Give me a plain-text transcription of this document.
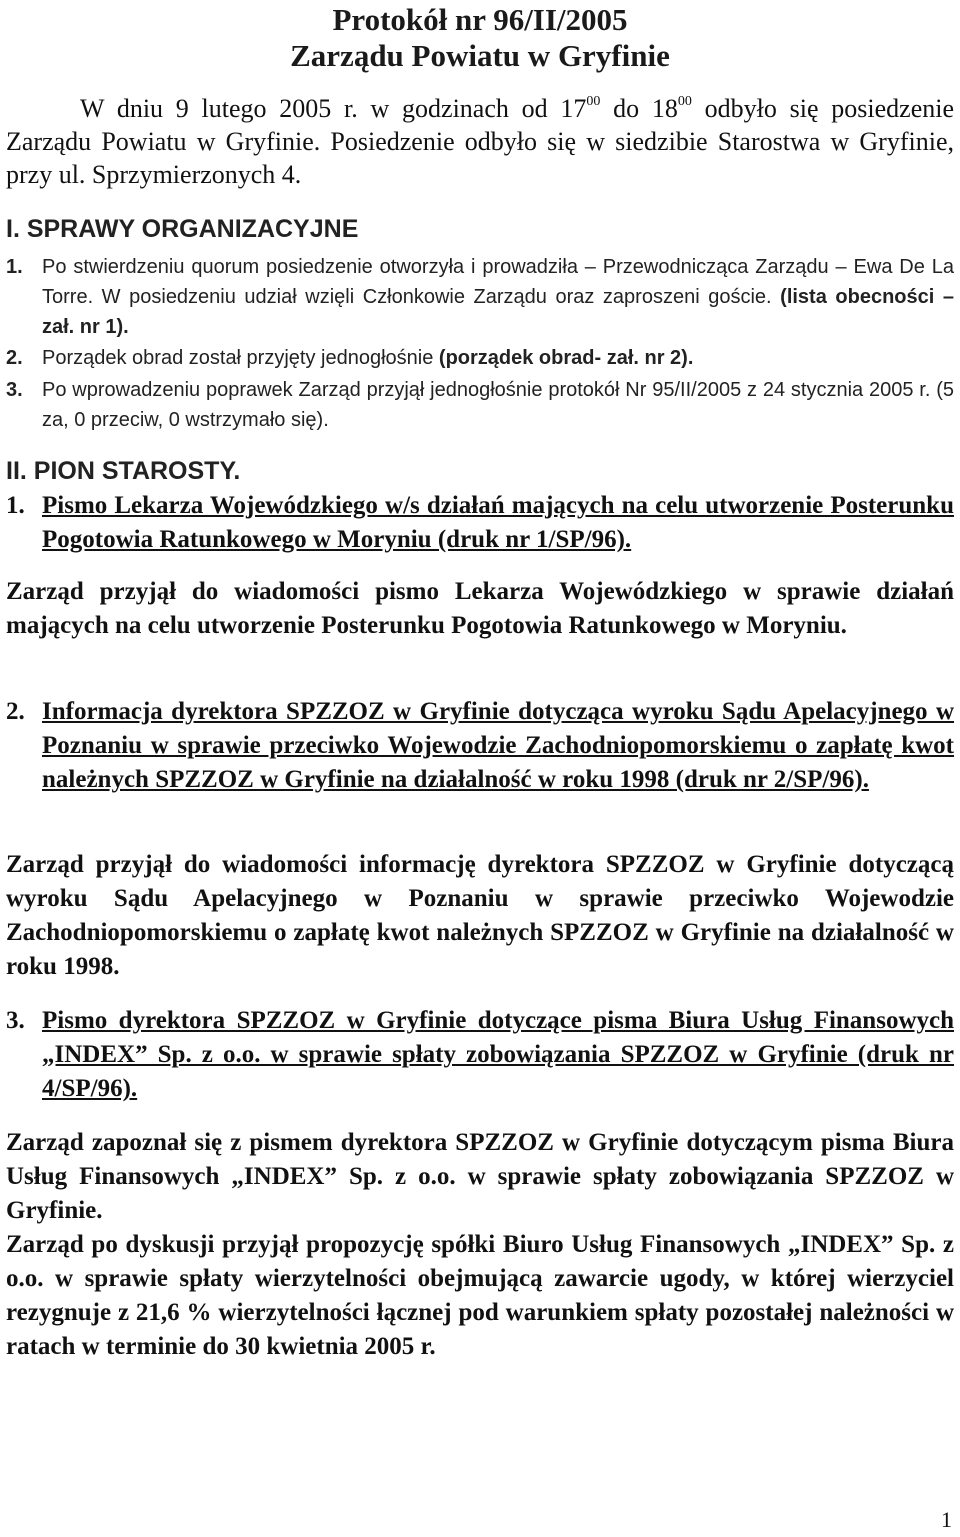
Protokół nr 96/II/2005
Zarządu Powiatu w Gryfinie
W dniu 9 lutego 2005 r. w godzinach od $17^{00}$ do $18^{00}$ odbyło się posiedzenie Zarządu Powiatu w Gryfinie. Posiedzenie odbyło się w siedzibie Starostwa w Gryfinie, przy ul. Sprzymierzonych 4.
I. SPRAWY ORGANIZACYJNE
1. Po stwierdzeniu quorum posiedzenie otworzyła i prowadziła – Przewodnicząca Zarządu – Ewa De La Torre. W posiedzeniu udział wzięli Członkowie Zarządu oraz zaproszeni goście. (lista obecności – zał. nr 1).
2. Porządek obrad został przyjęty jednogłośnie (porządek obrad- zał. nr 2).
3. Po wprowadzeniu poprawek Zarząd przyjął jednogłośnie protokół Nr 95/II/2005 z 24 stycznia 2005 r. (5 za, 0 przeciw, 0 wstrzymało się).
II. PION STAROSTY.
1. Pismo Lekarza Wojewódzkiego w/s działań mających na celu utworzenie Posterunku Pogotowia Ratunkowego w Moryniu (druk nr 1/SP/96).
Zarząd przyjął do wiadomości pismo Lekarza Wojewódzkiego w sprawie działań mających na celu utworzenie Posterunku Pogotowia Ratunkowego w Moryniu.
2. Informacja dyrektora SPZZOZ w Gryfinie dotycząca wyroku Sądu Apelacyjnego w Poznaniu w sprawie przeciwko Wojewodzie Zachodniopomorskiemu o zapłatę kwot należnych SPZZOZ w Gryfinie na działalność w roku 1998 (druk nr 2/SP/96).
Zarząd przyjął do wiadomości informację dyrektora SPZZOZ w Gryfinie dotyczącą wyroku Sądu Apelacyjnego w Poznaniu w sprawie przeciwko Wojewodzie Zachodniopomorskiemu o zapłatę kwot należnych SPZZOZ w Gryfinie na działalność w roku 1998.
3. Pismo dyrektora SPZZOZ w Gryfinie dotyczące pisma Biura Usług Finansowych „INDEX” Sp. z o.o. w sprawie spłaty zobowiązania SPZZOZ w Gryfinie (druk nr 4/SP/96).
Zarząd zapoznał się z pismem dyrektora SPZZOZ w Gryfinie dotyczącym pisma Biura Usług Finansowych „INDEX” Sp. z o.o. w sprawie spłaty zobowiązania SPZZOZ w Gryfinie.
Zarząd po dyskusji przyjął propozycję spółki Biuro Usług Finansowych „INDEX” Sp. z o.o. w sprawie spłaty wierzytelności obejmującą zawarcie ugody, w której wierzyciel rezygnuje z 21,6 % wierzytelności łącznej pod warunkiem spłaty pozostałej należności w ratach w terminie do 30 kwietnia 2005 r.
1
